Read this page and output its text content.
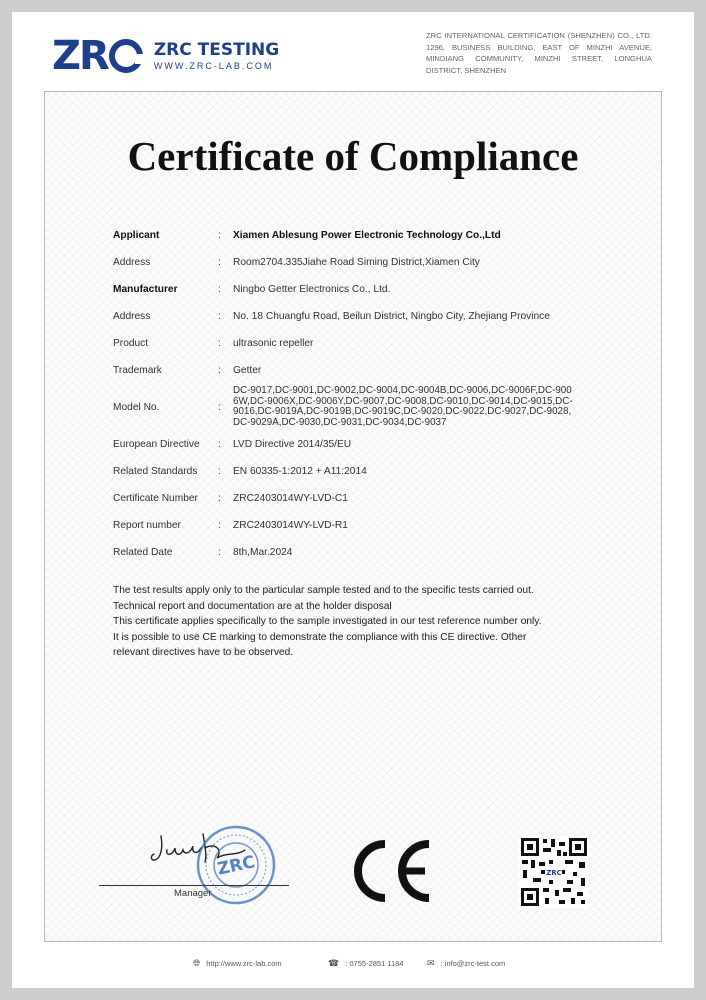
Z R	ZRC TESTING
WWW.ZRC-LAB.COM
ZRC INTERNATIONAL CERTIFICATION (SHENZHEN) CO., LTD. 1296, BUSINESS BUILDING, EAST OF MINZHI AVENUE, MINDIANG COMMUNITY, MINZHI STREET, LONGHUA DISTRICT, SHENZHEN
Certificate of Compliance
Applicant	: Xiamen Ablesung Power Electronic Technology Co.,Ltd
Address	: Room2704.335Jiahe Road Siming District,Xiamen City
Manufacturer	: Ningbo Getter Electronics Co., Ltd.
Address	: No. 18 Chuangfu Road, Beilun District, Ningbo City, Zhejiang Province
Product	: ultrasonic repeller
Trademark	: Getter
Model No.	:
DC-9017,DC-9001,DC-9002,DC-9004,DC-9004B,DC-9006,DC-9006F,DC-900
6W,DC-9006X,DC-9006Y,DC-9007,DC-9008,DC-9010,DC-9014,DC-9015,DC-
9016,DC-9019A,DC-9019B,DC-9019C,DC-9020,DC-9022,DC-9027,DC-9028,
DC-9029A,DC-9030,DC-9031,DC-9034,DC-9037
European Directive	: LVD Directive 2014/35/EU
Related Standards	: EN 60335-1:2012 + A11:2014
Certificate Number	: ZRC2403014WY-LVD-C1
Report number	: ZRC2403014WY-LVD-R1
Related Date	: 8th,Mar.2024
The test results apply only to the particular sample tested and to the specific tests carried out.
Technical report and documentation are at the holder disposal
This certificate applies specifically to the sample investigated in our test reference number only.
It is possible to use CE marking to demonstrate the compliance with this CE directive. Other
relevant directives have to be observed.
ZRC
Manager
ZRC
🌐︎ http://www.zrc-lab.com	☎ : 0755-2851 1184	✉ : info@zrc-test.com
